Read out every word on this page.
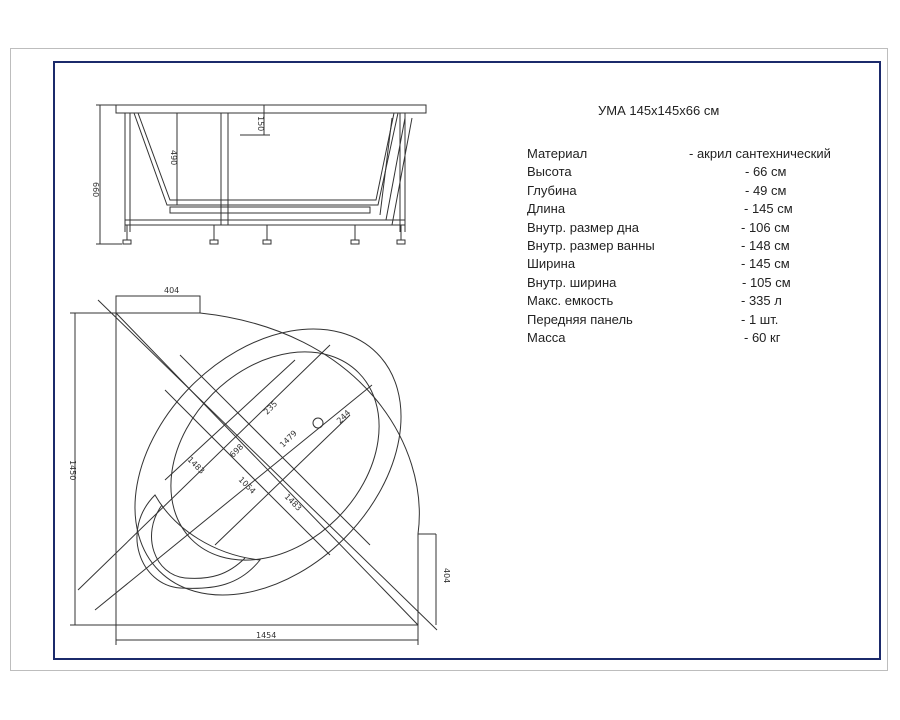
660
490
150
404
404
1450
1454
235
244
1483
698
1479
1054
1483
УМА 145x145x66 см
Материал	- акрил сантехнический
Высота	- 66 см
Глубина	- 49 см
Длина	- 145 см
Внутр. размер дна	- 106 см
Внутр. размер ванны	- 148 см
Ширина	- 145 см
Внутр. ширина	- 105 см
Макс. емкость	- 335 л
Передняя панель	- 1 шт.
Масса	- 60 кг
